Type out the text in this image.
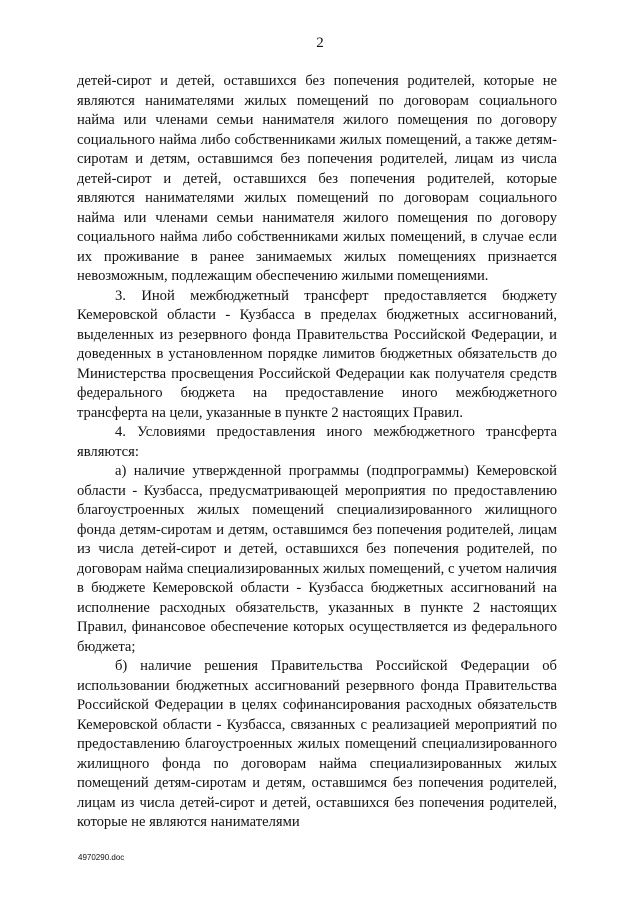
2

детей-сирот и детей, оставшихся без попечения родителей, которые не являются нанимателями жилых помещений по договорам социального найма или членами семьи нанимателя жилого помещения по договору социального найма либо собственниками жилых помещений, а также детям-сиротам и детям, оставшимся без попечения родителей, лицам из числа детей-сирот и детей, оставшихся без попечения родителей, которые являются нанимателями жилых помещений по договорам социального найма или членами семьи нанимателя жилого помещения по договору социального найма либо собственниками жилых помещений, в случае если их проживание в ранее занимаемых жилых помещениях признается невозможным, подлежащим обеспечению жилыми помещениями.

3. Иной межбюджетный трансферт предоставляется бюджету Кемеровской области - Кузбасса в пределах бюджетных ассигнований, выделенных из резервного фонда Правительства Российской Федерации, и доведенных в установленном порядке лимитов бюджетных обязательств до Министерства просвещения Российской Федерации как получателя средств федерального бюджета на предоставление иного межбюджетного трансферта на цели, указанные в пункте 2 настоящих Правил.

4. Условиями предоставления иного межбюджетного трансферта являются:

а) наличие утвержденной программы (подпрограммы) Кемеровской области - Кузбасса, предусматривающей мероприятия по предоставлению благоустроенных жилых помещений специализированного жилищного фонда детям-сиротам и детям, оставшимся без попечения родителей, лицам из числа детей-сирот и детей, оставшихся без попечения родителей, по договорам найма специализированных жилых помещений, с учетом наличия в бюджете Кемеровской области - Кузбасса бюджетных ассигнований на исполнение расходных обязательств, указанных в пункте 2 настоящих Правил, финансовое обеспечение которых осуществляется из федерального бюджета;

б) наличие решения Правительства Российской Федерации об использовании бюджетных ассигнований резервного фонда Правительства Российской Федерации в целях софинансирования расходных обязательств Кемеровской области - Кузбасса, связанных с реализацией мероприятий по предоставлению благоустроенных жилых помещений специализированного жилищного фонда по договорам найма специализированных жилых помещений детям-сиротам и детям, оставшимся без попечения родителей, лицам из числа детей-сирот и детей, оставшихся без попечения родителей, которые не являются нанимателями

4970290.doc
